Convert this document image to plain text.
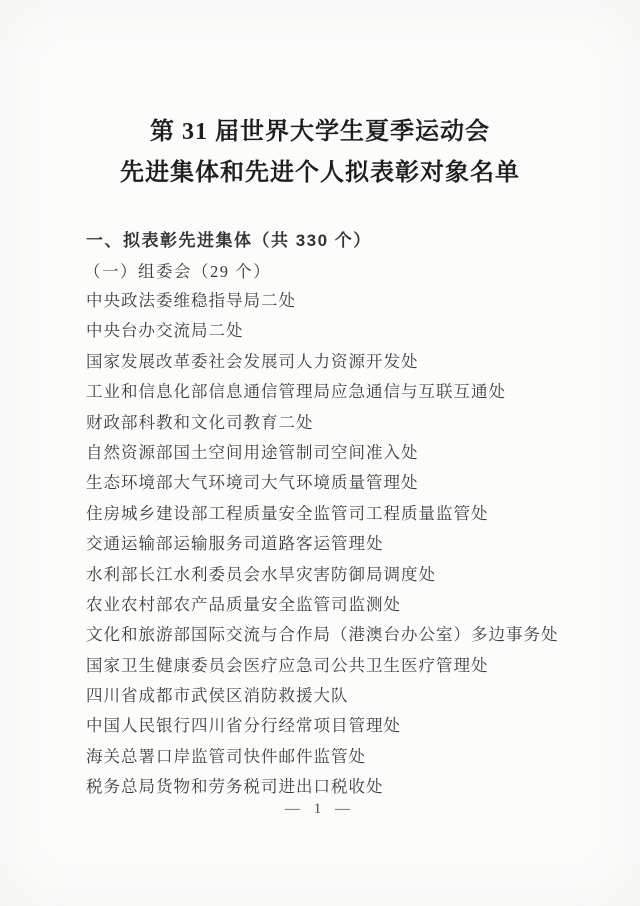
第 31 届世界大学生夏季运动会
先进集体和先进个人拟表彰对象名单
一、拟表彰先进集体（共 330 个）
（一）组委会（29 个）
中央政法委维稳指导局二处
中央台办交流局二处
国家发展改革委社会发展司人力资源开发处
工业和信息化部信息通信管理局应急通信与互联互通处
财政部科教和文化司教育二处
自然资源部国土空间用途管制司空间准入处
生态环境部大气环境司大气环境质量管理处
住房城乡建设部工程质量安全监管司工程质量监管处
交通运输部运输服务司道路客运管理处
水利部长江水利委员会水旱灾害防御局调度处
农业农村部农产品质量安全监管司监测处
文化和旅游部国际交流与合作局（港澳台办公室）多边事务处
国家卫生健康委员会医疗应急司公共卫生医疗管理处
四川省成都市武侯区消防救援大队
中国人民银行四川省分行经常项目管理处
海关总署口岸监管司快件邮件监管处
税务总局货物和劳务税司进出口税收处
— 1 —
